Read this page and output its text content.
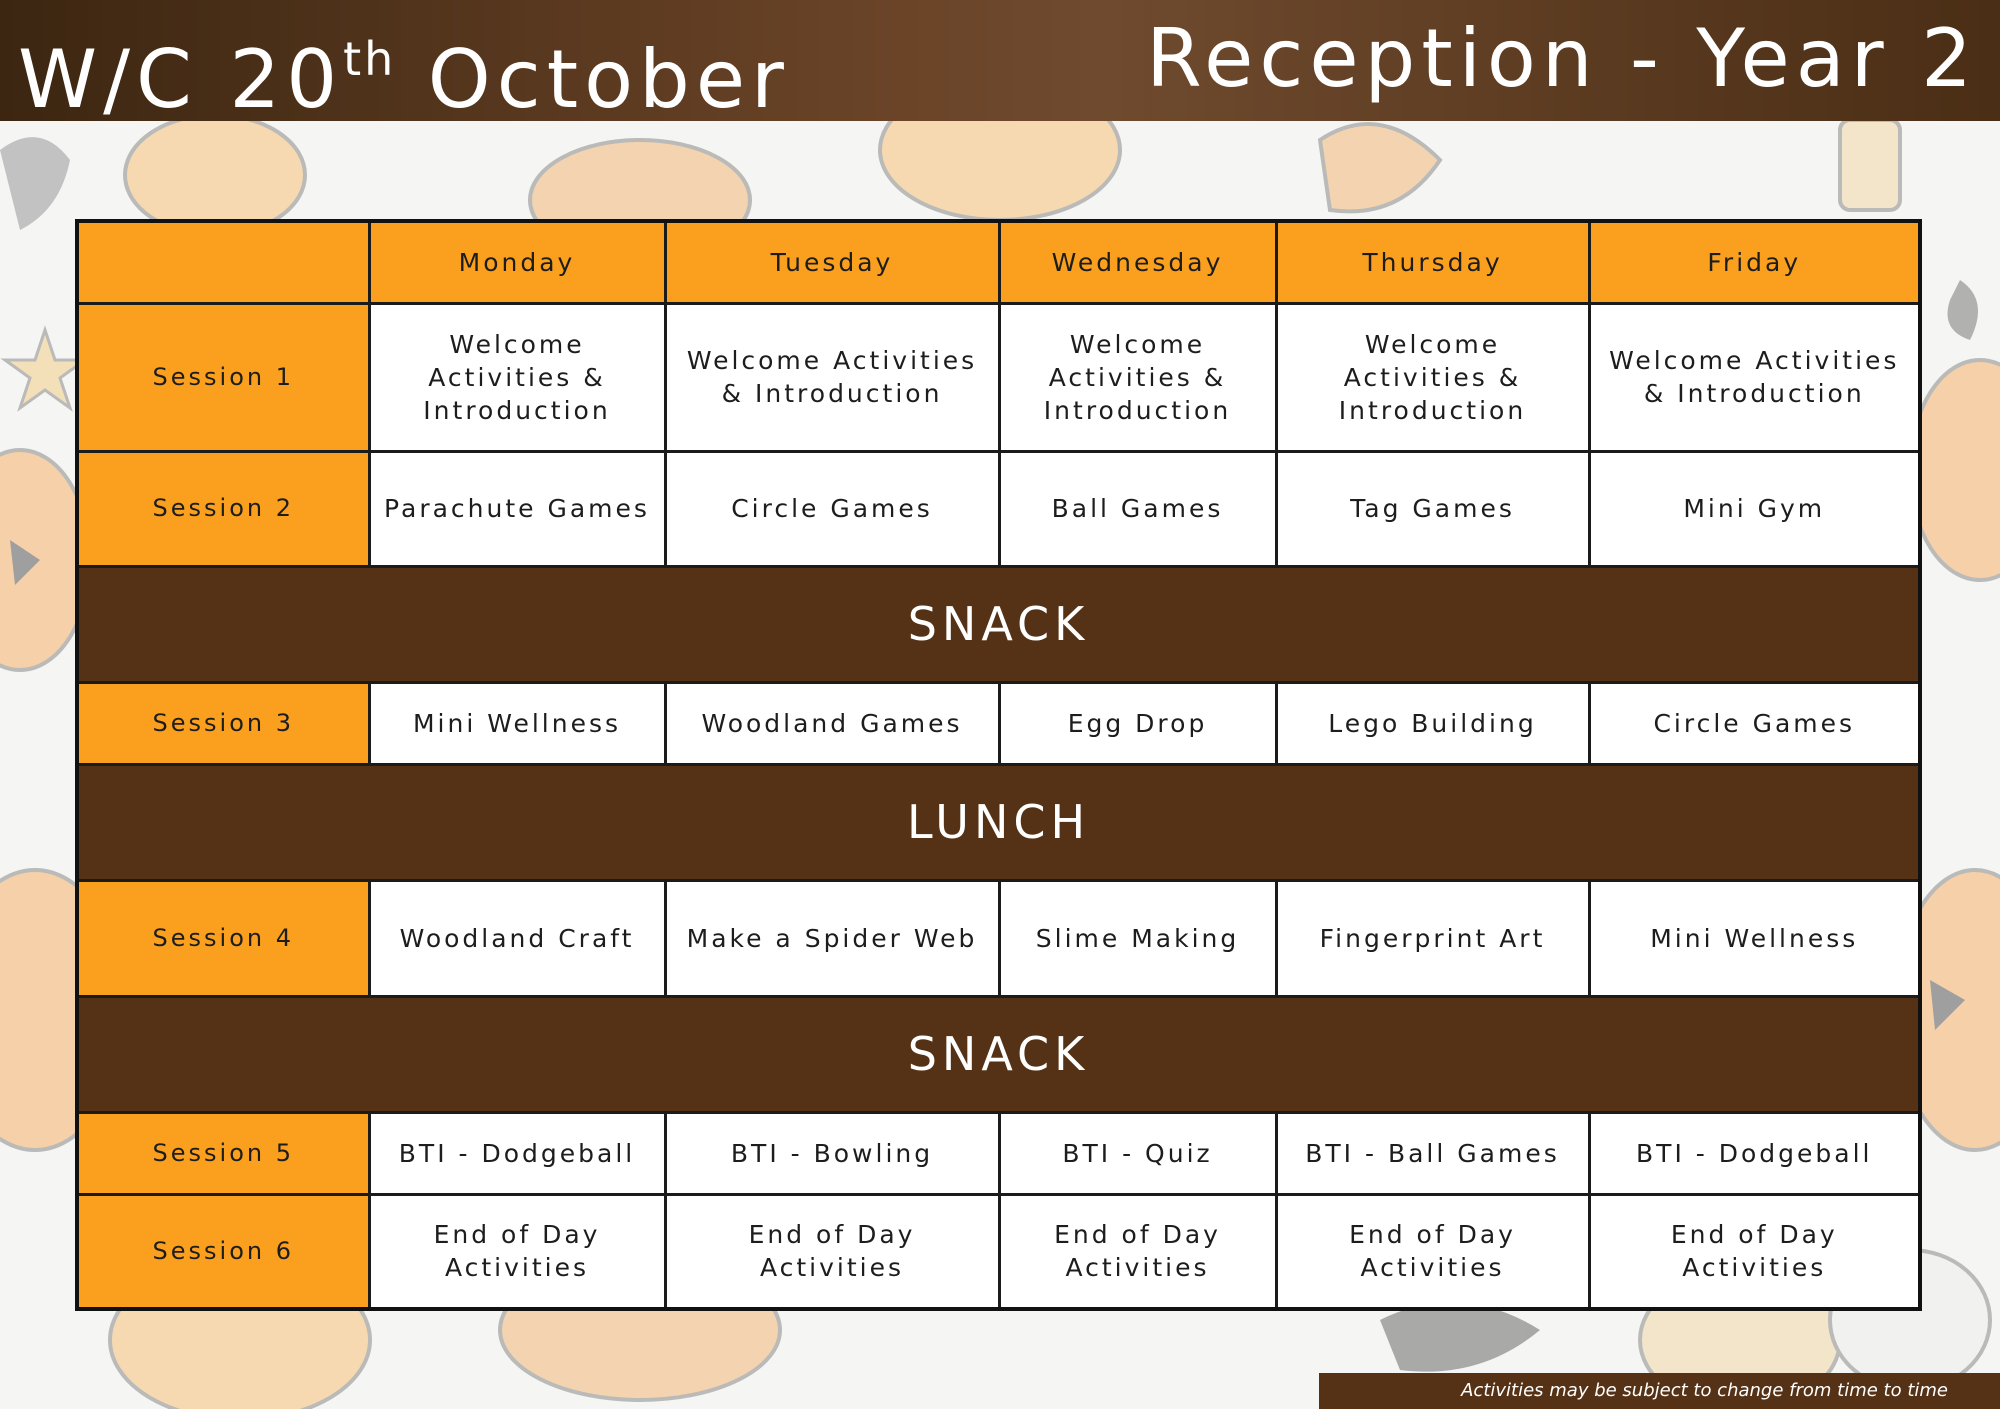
W/C 20th October	Reception - Year 2
	Monday	Tuesday	Wednesday	Thursday	Friday
Session 1	Welcome Activities & Introduction	Welcome Activities & Introduction	Welcome Activities & Introduction	Welcome Activities & Introduction	Welcome Activities & Introduction
Session 2	Parachute Games	Circle Games	Ball Games	Tag Games	Mini Gym
SNACK					
Session 3	Mini Wellness	Woodland Games	Egg Drop	Lego Building	Circle Games
LUNCH					
Session 4	Woodland Craft	Make a Spider Web	Slime Making	Fingerprint Art	Mini Wellness
SNACK					
Session 5	BTI - Dodgeball	BTI - Bowling	BTI - Quiz	BTI - Ball Games	BTI - Dodgeball
Session 6	End of Day Activities	End of Day Activities	End of Day Activities	End of Day Activities	End of Day Activities
Activities may be subject to change from time to time
